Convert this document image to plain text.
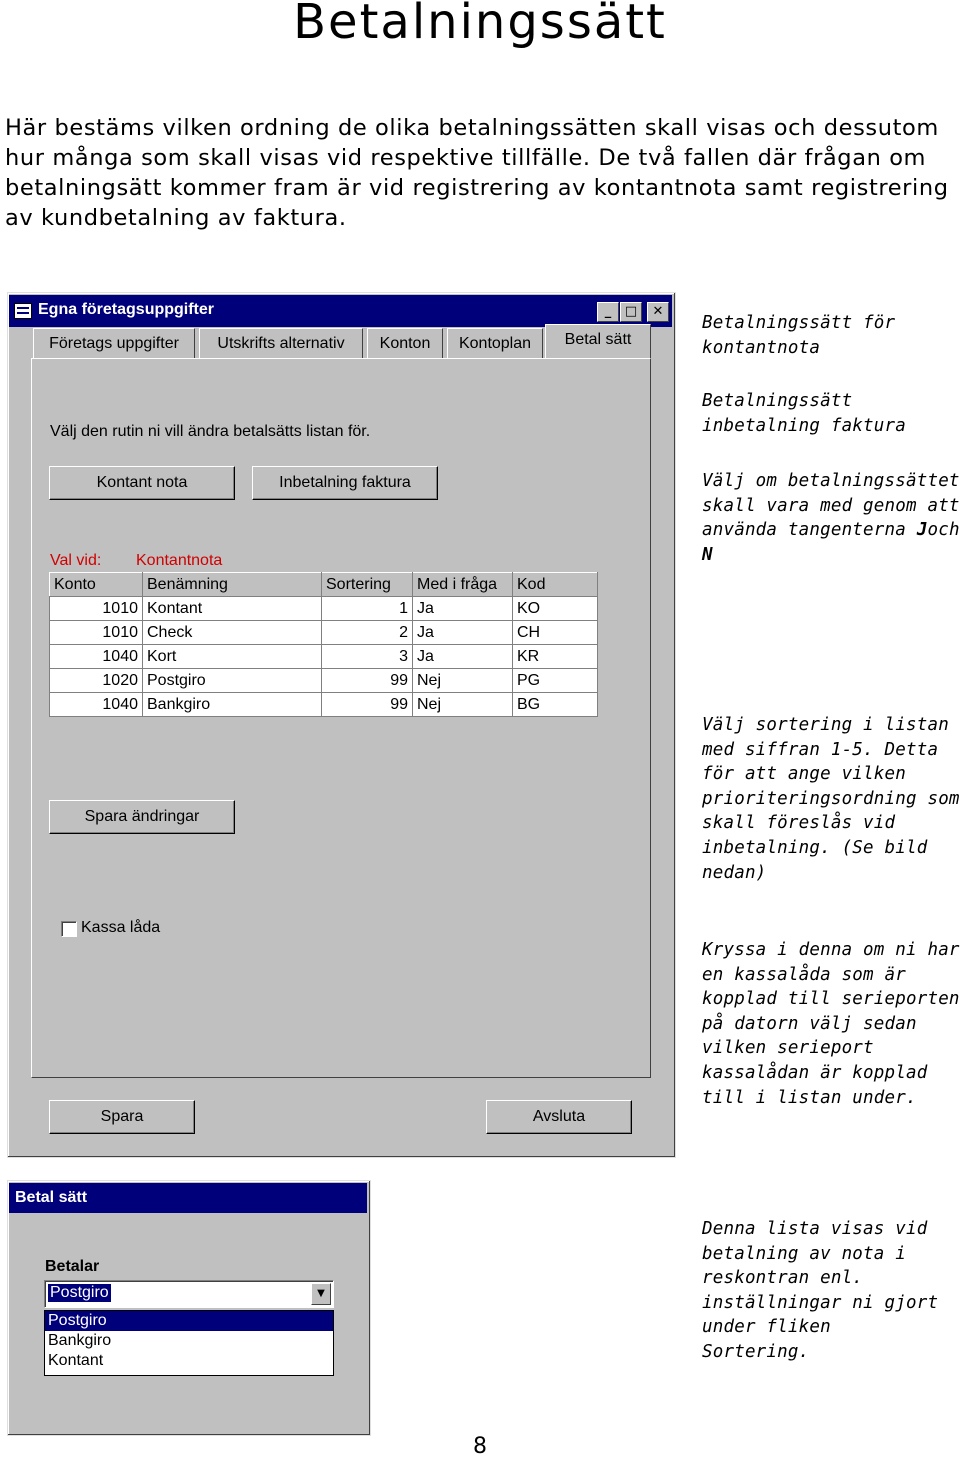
Betalningssätt
Här bestäms vilken ordning de olika betalningssätten skall visas och dessutom hur många som skall visas vid respektive tillfälle. De två fallen där frågan om betalningsätt kommer fram är vid registrering av kontantnota samt registrering av kundbetalning av faktura.
Egna företagsuppgifter	_	□	✕
Företags uppgifter	Utskrifts alternativ	Konton	Kontoplan	Betal sätt
Välj den rutin ni vill ändra betalsätts listan för.
Kontant nota	Inbetalning faktura
Val vid: Kontantnota
Konto	Benämning	Sortering	Med i fråga	Kod
1010	Kontant	1	Ja	KO
1010	Check	2	Ja	CH
1040	Kort	3	Ja	KR
1020	Postgiro	99	Nej	PG
1040	Bankgiro	99	Nej	BG
Spara ändringar
Kassa låda
Spara	Avsluta
Betal sätt
Betalar
Postgiro	▼
Postgiro
Bankgiro
Kontant
Betalningssätt för kontantnota
Betalningssätt inbetalning faktura
Välj om betalningssättet skall vara med genom att använda tangenterna Joch N
Välj sortering i listan med siffran 1-5. Detta för att ange vilken prioriteringsordning som skall föreslås vid inbetalning. (Se bild nedan)
Kryssa i denna om ni har en kassalåda som är kopplad till serieporten på datorn välj sedan vilken serieport kassalådan är kopplad till i listan under.
Denna lista visas vid betalning av nota i reskontran enl. inställningar ni gjort under fliken Sortering.
8
